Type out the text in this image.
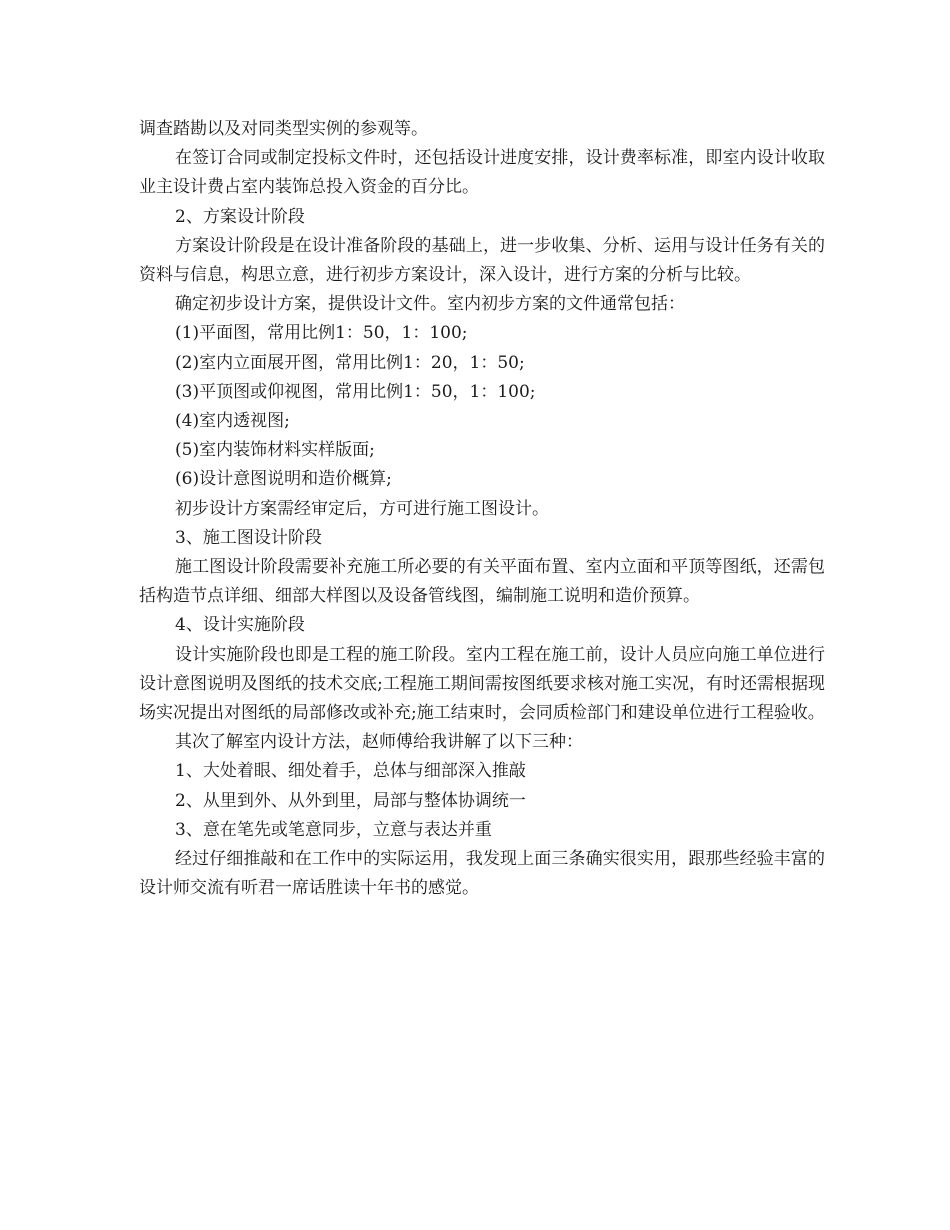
调查踏勘以及对同类型实例的参观等。

在签订合同或制定投标文件时，还包括设计进度安排，设计费率标准，即室内设计收取业主设计费占室内装饰总投入资金的百分比。

2、方案设计阶段

方案设计阶段是在设计准备阶段的基础上，进一步收集、分析、运用与设计任务有关的资料与信息，构思立意，进行初步方案设计，深入设计，进行方案的分析与比较。

确定初步设计方案，提供设计文件。室内初步方案的文件通常包括：

(1)平面图，常用比例1：50，1：100;

(2)室内立面展开图，常用比例1：20，1：50;

(3)平顶图或仰视图，常用比例1：50，1：100;

(4)室内透视图;

(5)室内装饰材料实样版面;

(6)设计意图说明和造价概算;

初步设计方案需经审定后，方可进行施工图设计。

3、施工图设计阶段

施工图设计阶段需要补充施工所必要的有关平面布置、室内立面和平顶等图纸，还需包括构造节点详细、细部大样图以及设备管线图，编制施工说明和造价预算。

4、设计实施阶段

设计实施阶段也即是工程的施工阶段。室内工程在施工前，设计人员应向施工单位进行设计意图说明及图纸的技术交底;工程施工期间需按图纸要求核对施工实况，有时还需根据现场实况提出对图纸的局部修改或补充;施工结束时，会同质检部门和建设单位进行工程验收。

其次了解室内设计方法，赵师傅给我讲解了以下三种：

1、大处着眼、细处着手，总体与细部深入推敲

2、从里到外、从外到里，局部与整体协调统一

3、意在笔先或笔意同步，立意与表达并重

经过仔细推敲和在工作中的实际运用，我发现上面三条确实很实用，跟那些经验丰富的设计师交流有听君一席话胜读十年书的感觉。
